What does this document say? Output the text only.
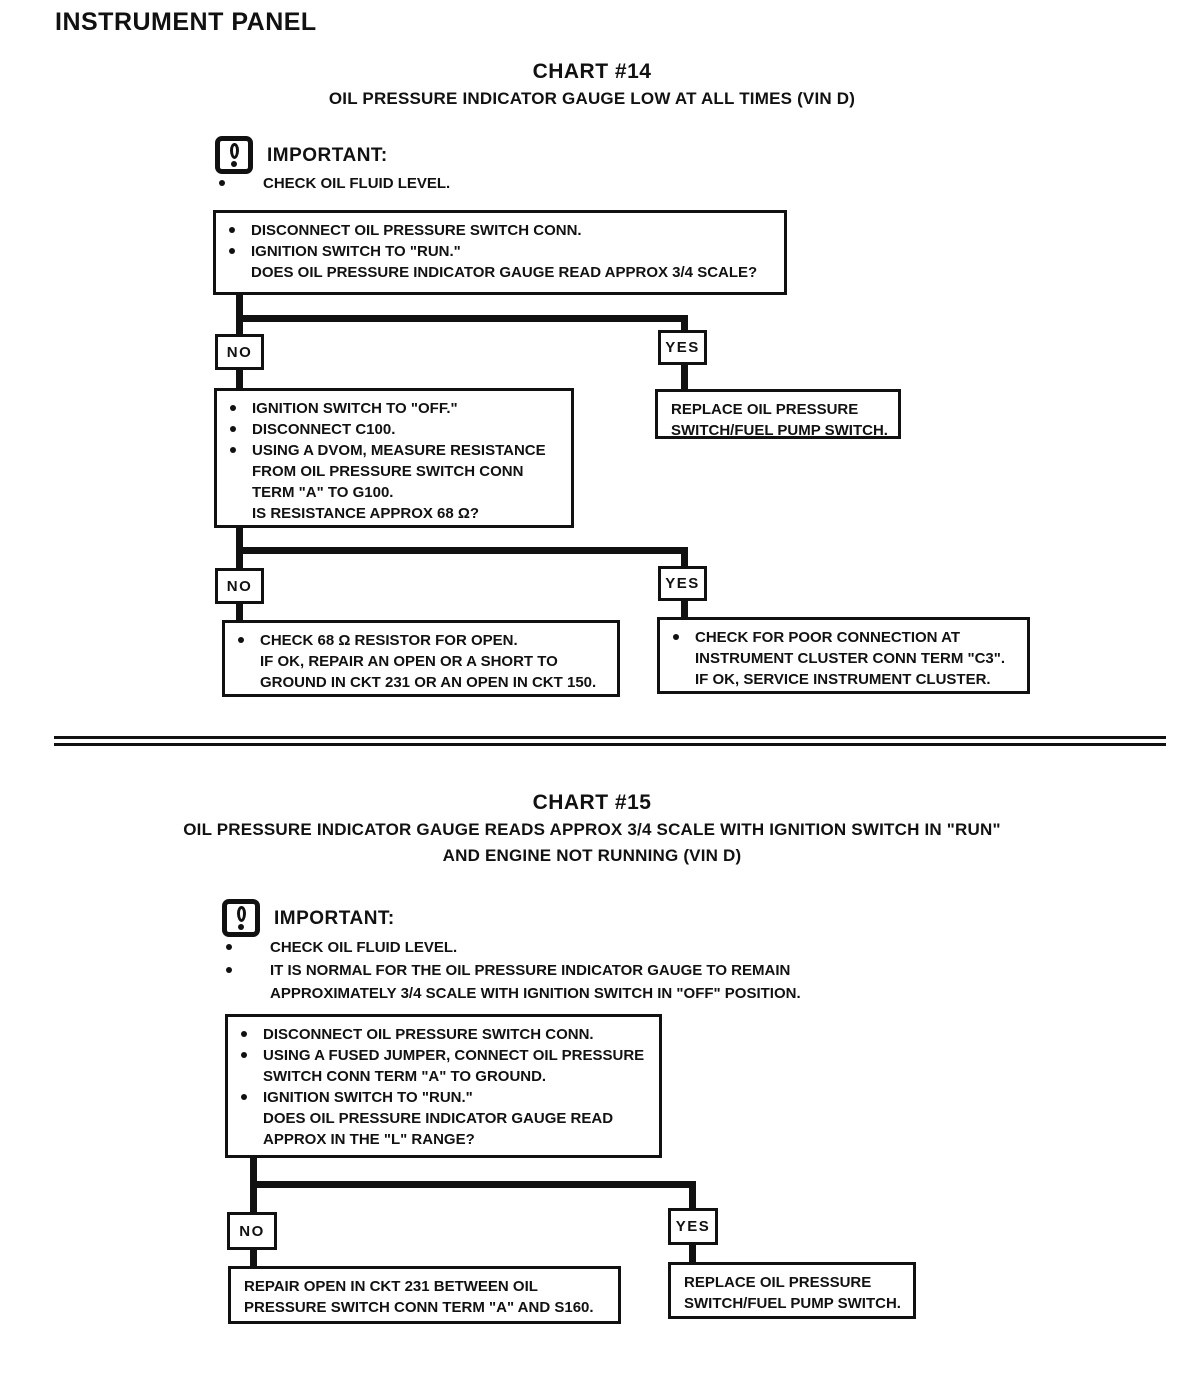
INSTRUMENT PANEL
CHART #14
OIL PRESSURE INDICATOR GAUGE LOW AT ALL TIMES (VIN D)
IMPORTANT:
CHECK OIL FLUID LEVEL.
DISCONNECT OIL PRESSURE SWITCH CONN.
IGNITION SWITCH TO "RUN."
DOES OIL PRESSURE INDICATOR GAUGE READ APPROX 3/4 SCALE?
NO	YES
IGNITION SWITCH TO "OFF."
DISCONNECT C100.
USING A DVOM, MEASURE RESISTANCE
FROM OIL PRESSURE SWITCH CONN
TERM "A" TO G100.
IS RESISTANCE APPROX 68 Ω?
REPLACE OIL PRESSURE
SWITCH/FUEL PUMP SWITCH.
NO	YES
CHECK 68 Ω RESISTOR FOR OPEN.
IF OK, REPAIR AN OPEN OR A SHORT TO
GROUND IN CKT 231 OR AN OPEN IN CKT 150.
CHECK FOR POOR CONNECTION AT
INSTRUMENT CLUSTER CONN TERM "C3".
IF OK, SERVICE INSTRUMENT CLUSTER.
CHART #15
OIL PRESSURE INDICATOR GAUGE READS APPROX 3/4 SCALE WITH IGNITION SWITCH IN "RUN"
AND ENGINE NOT RUNNING (VIN D)
IMPORTANT:
CHECK OIL FLUID LEVEL.
IT IS NORMAL FOR THE OIL PRESSURE INDICATOR GAUGE TO REMAIN
APPROXIMATELY 3/4 SCALE WITH IGNITION SWITCH IN "OFF" POSITION.
DISCONNECT OIL PRESSURE SWITCH CONN.
USING A FUSED JUMPER, CONNECT OIL PRESSURE
SWITCH CONN TERM "A" TO GROUND.
IGNITION SWITCH TO "RUN."
DOES OIL PRESSURE INDICATOR GAUGE READ
APPROX IN THE "L" RANGE?
NO	YES
REPAIR OPEN IN CKT 231 BETWEEN OIL
PRESSURE SWITCH CONN TERM "A" AND S160.
REPLACE OIL PRESSURE
SWITCH/FUEL PUMP SWITCH.
